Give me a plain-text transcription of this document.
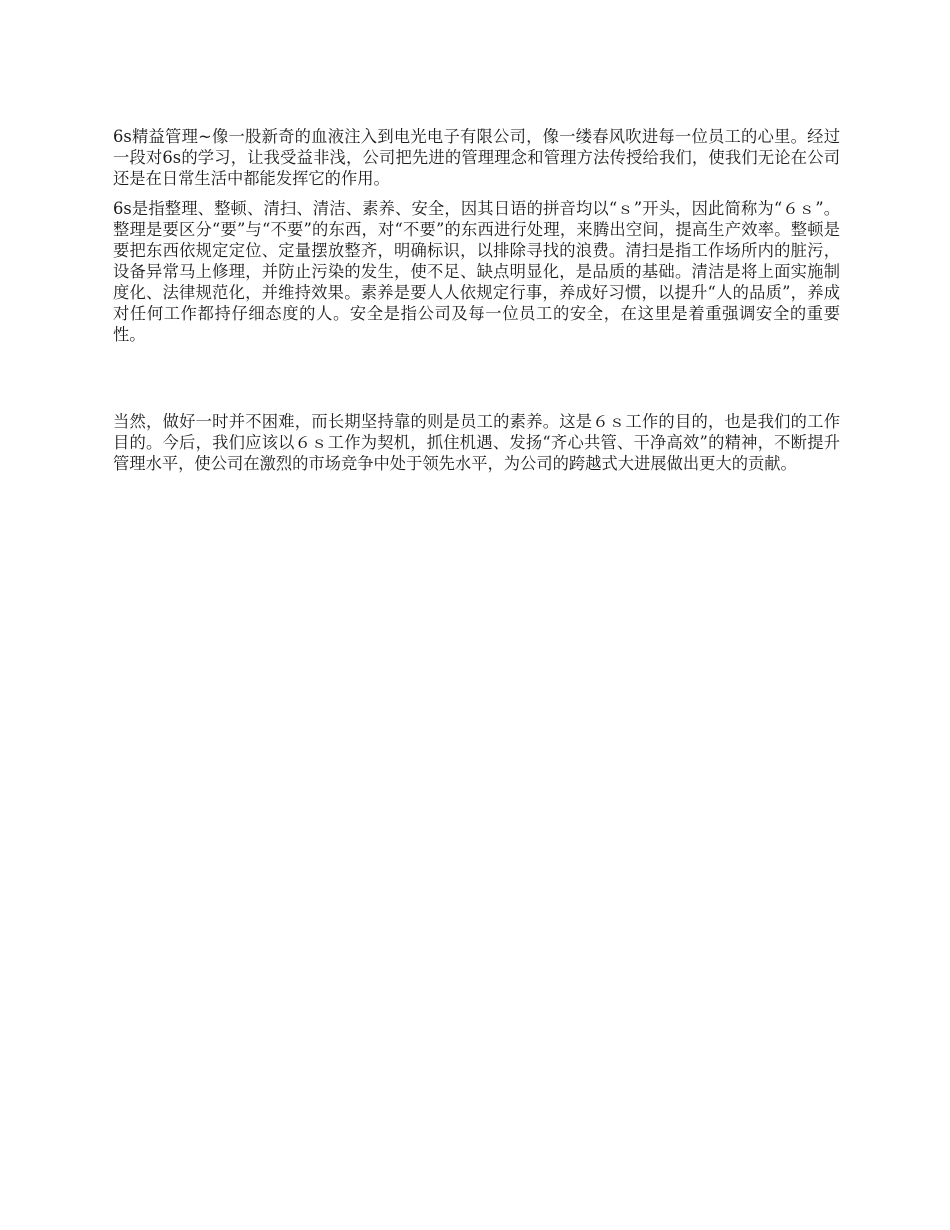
6s精益管理~像一股新奇的血液注入到电光电子有限公司，像一缕春风吹进每一位员工的心里。经过一段对6s的学习，让我受益非浅，公司把先进的管理理念和管理方法传授给我们，使我们无论在公司还是在日常生活中都能发挥它的作用。

6s是指整理、整顿、清扫、清洁、素养、安全，因其日语的拼音均以“ｓ”开头，因此简称为“６ｓ”。整理是要区分“要”与“不要”的东西，对“不要”的东西进行处理，来腾出空间，提高生产效率。整顿是要把东西依规定定位、定量摆放整齐，明确标识，以排除寻找的浪费。清扫是指工作场所内的脏污，设备异常马上修理，并防止污染的发生，使不足、缺点明显化，是品质的基础。清洁是将上面实施制度化、法律规范化，并维持效果。素养是要人人依规定行事，养成好习惯，以提升“人的品质”，养成对任何工作都持仔细态度的人。安全是指公司及每一位员工的安全，在这里是着重强调安全的重要性。

当然，做好一时并不困难，而长期坚持靠的则是员工的素养。这是６ｓ工作的目的，也是我们的工作目的。今后，我们应该以６ｓ工作为契机，抓住机遇、发扬“齐心共管、干净高效”的精神，不断提升管理水平，使公司在激烈的市场竞争中处于领先水平，为公司的跨越式大进展做出更大的贡献。
